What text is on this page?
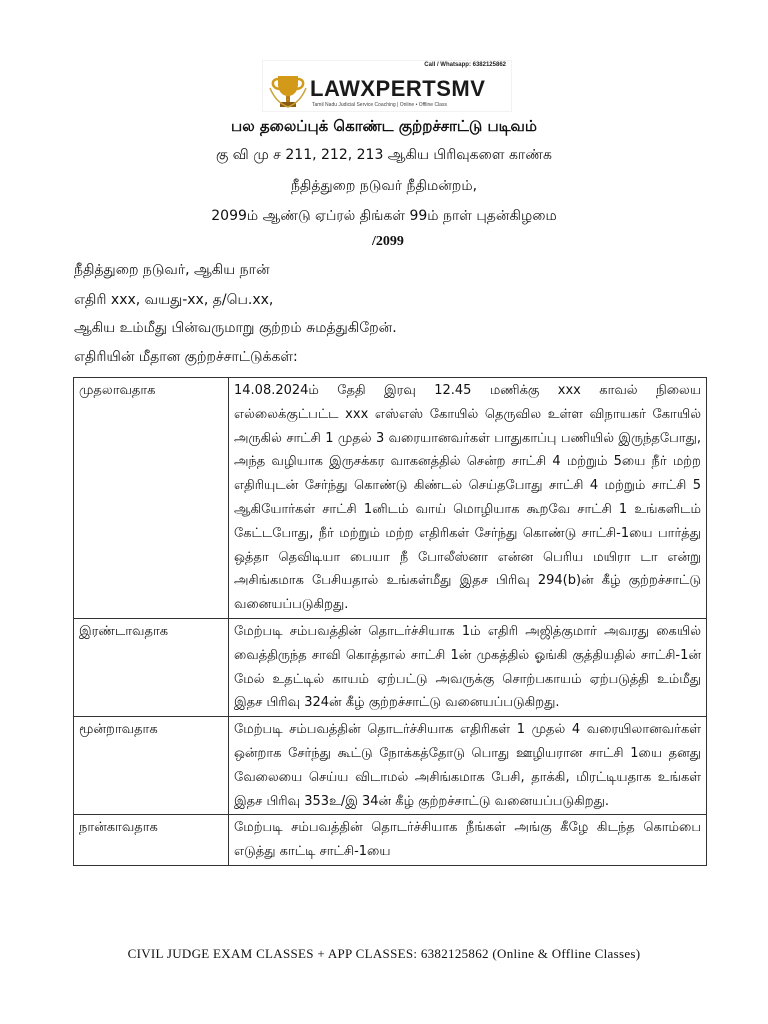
Call / Whatsapp: 6382125862
LAWXPERTSMV
Tamil Nadu Judicial Service Coaching | Online • Offline Class
பல தலைப்புக் கொண்ட குற்றச்சாட்டு படிவம்
கு வி மு ச 211, 212, 213 ஆகிய பிரிவுகளை காண்க
நீதித்துறை நடுவர் நீதிமன்றம்,
2099ம் ஆண்டு ஏப்ரல் திங்கள் 99ம் நாள் புதன்கிழமை
/2099
நீதித்துறை நடுவர், ஆகிய நான்
எதிரி xxx, வயது-xx, த/பெ.xx,
ஆகிய உம்மீது பின்வருமாறு குற்றம் சுமத்துகிறேன்.
எதிரியின் மீதான குற்றச்சாட்டுக்கள்:
முதலாவதாக	14.08.2024ம் தேதி இரவு 12.45 மணிக்கு xxx காவல் நிலைய எல்லைக்குட்பட்ட xxx எஸ்எஸ் கோயில் தெருவில உள்ள விநாயகர் கோயில் அருகில் சாட்சி 1 முதல் 3 வரையானவர்கள் பாதுகாப்பு பணியில் இருந்தபோது, அந்த வழியாக இருசக்கர வாகனத்தில் சென்ற சாட்சி 4 மற்றும் 5யை நீர் மற்ற எதிரியுடன் சேர்ந்து கொண்டு கிண்டல் செய்தபோது சாட்சி 4 மற்றும் சாட்சி 5 ஆகியோர்கள் சாட்சி 1னிடம் வாய் மொழியாக கூறவே சாட்சி 1 உங்களிடம் கேட்டபோது, நீர் மற்றும் மற்ற எதிரிகள் சேர்ந்து கொண்டு சாட்சி-1யை பார்த்து ஒத்தா தெவிடியா பையா நீ போலீஸ்னா என்ன பெரிய மயிரா டா என்று அசிங்கமாக பேசியதால் உங்கள்மீது இதச பிரிவு 294(b)ன் கீழ் குற்றச்சாட்டு வனையப்படுகிறது.
இரண்டாவதாக	மேற்படி சம்பவத்தின் தொடர்ச்சியாக 1ம் எதிரி அஜித்குமார் அவரது கையில் வைத்திருந்த சாவி கொத்தால் சாட்சி 1ன் முகத்தில் ஓங்கி குத்தியதில் சாட்சி-1ன் மேல் உதட்டில் காயம் ஏற்பட்டு அவருக்கு சொற்பகாயம் ஏற்படுத்தி உம்மீது இதச பிரிவு 324ன் கீழ் குற்றச்சாட்டு வனையப்படுகிறது.
மூன்றாவதாக	மேற்படி சம்பவத்தின் தொடர்ச்சியாக எதிரிகள் 1 முதல் 4 வரையிலானவர்கள் ஒன்றாக சேர்ந்து கூட்டு நோக்கத்தோடு பொது ஊழியரான சாட்சி 1யை தனது வேலையை செய்ய விடாமல் அசிங்கமாக பேசி, தாக்கி, மிரட்டியதாக உங்கள் இதச பிரிவு 353உ/இ 34ன் கீழ் குற்றச்சாட்டு வனையப்படுகிறது.
நான்காவதாக	மேற்படி சம்பவத்தின் தொடர்ச்சியாக நீங்கள் அங்கு கீழே கிடந்த கொம்பை எடுத்து காட்டி சாட்சி-1யை
CIVIL JUDGE EXAM CLASSES + APP CLASSES: 6382125862 (Online & Offline Classes)
